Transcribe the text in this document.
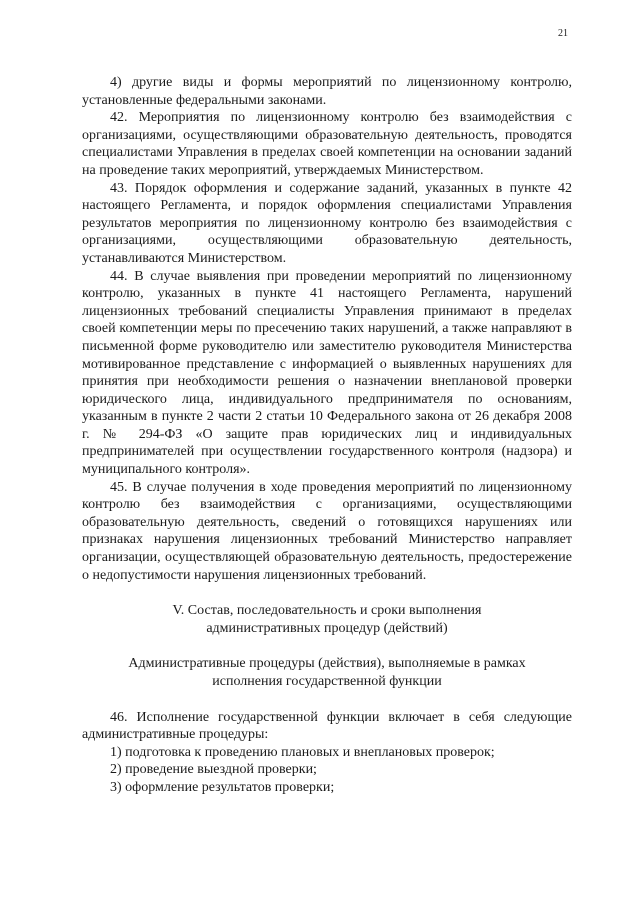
21

4) другие виды и формы мероприятий по лицензионному контролю, установленные федеральными законами.

42. Мероприятия по лицензионному контролю без взаимодействия с организациями, осуществляющими образовательную деятельность, проводятся специалистами Управления в пределах своей компетенции на основании заданий на проведение таких мероприятий, утверждаемых Министерством.

43. Порядок оформления и содержание заданий, указанных в пункте 42 настоящего Регламента, и порядок оформления специалистами Управления результатов мероприятия по лицензионному контролю без взаимодействия с организациями, осуществляющими образовательную деятельность, устанавливаются Министерством.

44. В случае выявления при проведении мероприятий по лицензионному контролю, указанных в пункте 41 настоящего Регламента, нарушений лицензионных требований специалисты Управления принимают в пределах своей компетенции меры по пресечению таких нарушений, а также направляют в письменной форме руководителю или заместителю руководителя Министерства мотивированное представление с информацией о выявленных нарушениях для принятия при необходимости решения о назначении внеплановой проверки юридического лица, индивидуального предпринимателя по основаниям, указанным в пункте 2 части 2 статьи 10 Федерального закона от 26 декабря 2008 г. № 294-ФЗ «О защите прав юридических лиц и индивидуальных предпринимателей при осуществлении государственного контроля (надзора) и муниципального контроля».

45. В случае получения в ходе проведения мероприятий по лицензионному контролю без взаимодействия с организациями, осуществляющими образовательную деятельность, сведений о готовящихся нарушениях или признаках нарушения лицензионных требований Министерство направляет организации, осуществляющей образовательную деятельность, предостережение о недопустимости нарушения лицензионных требований.

V. Состав, последовательность и сроки выполнения
административных процедур (действий)
Административные процедуры (действия), выполняемые в рамках
исполнения государственной функции

46. Исполнение государственной функции включает в себя следующие административные процедуры:

1) подготовка к проведению плановых и внеплановых проверок;

2) проведение выездной проверки;

3) оформление результатов проверки;
